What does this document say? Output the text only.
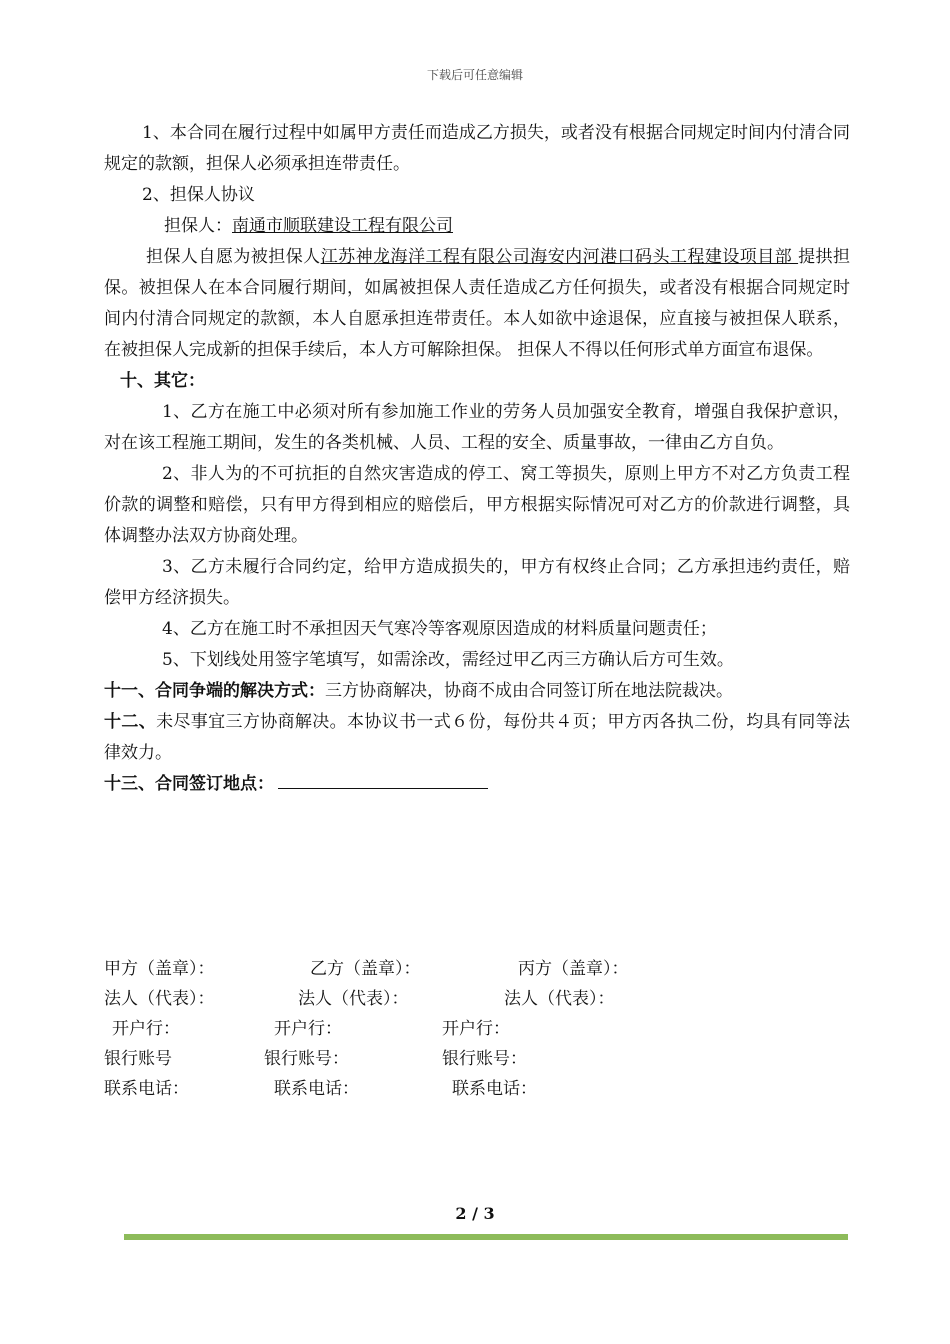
下载后可任意编辑

1、本合同在履行过程中如属甲方责任而造成乙方损失，或者没有根据合同规定时间内付清合同规定的款额，担保人必须承担连带责任。

2、担保人协议

担保人：南通市顺联建设工程有限公司

担保人自愿为被担保人江苏神龙海洋工程有限公司海安内河港口码头工程建设项目部 提拱担保。被担保人在本合同履行期间，如属被担保人责任造成乙方任何损失，或者没有根据合同规定时间内付清合同规定的款额，本人自愿承担连带责任。本人如欲中途退保，应直接与被担保人联系，在被担保人完成新的担保手续后，本人方可解除担保。 担保人不得以任何形式单方面宣布退保。

十、其它：

1、乙方在施工中必须对所有参加施工作业的劳务人员加强安全教育，增强自我保护意识，对在该工程施工期间，发生的各类机械、人员、工程的安全、质量事故，一律由乙方自负。

2、非人为的不可抗拒的自然灾害造成的停工、窝工等损失，原则上甲方不对乙方负责工程价款的调整和赔偿，只有甲方得到相应的赔偿后，甲方根据实际情况可对乙方的价款进行调整，具体调整办法双方协商处理。

3、乙方未履行合同约定，给甲方造成损失的，甲方有权终止合同；乙方承担违约责任，赔偿甲方经济损失。

4、乙方在施工时不承担因天气寒冷等客观原因造成的材料质量问题责任；

5、下划线处用签字笔填写，如需涂改，需经过甲乙丙三方确认后方可生效。

十一、合同争端的解决方式：三方协商解决，协商不成由合同签订所在地法院裁决。

十二、未尽事宜三方协商解决。本协议书一式６份，每份共４页；甲方丙各执二份，均具有同等法律效力。

十三、合同签订地点：

甲方（盖章）：	乙方（盖章）：	丙方（盖章）：
法人（代表）：	法人（代表）：	法人（代表）：
开户行：	开户行：	开户行：
银行账号	银行账号：	银行账号：
联系电话：	联系电话：	联系电话：
2 / 3
